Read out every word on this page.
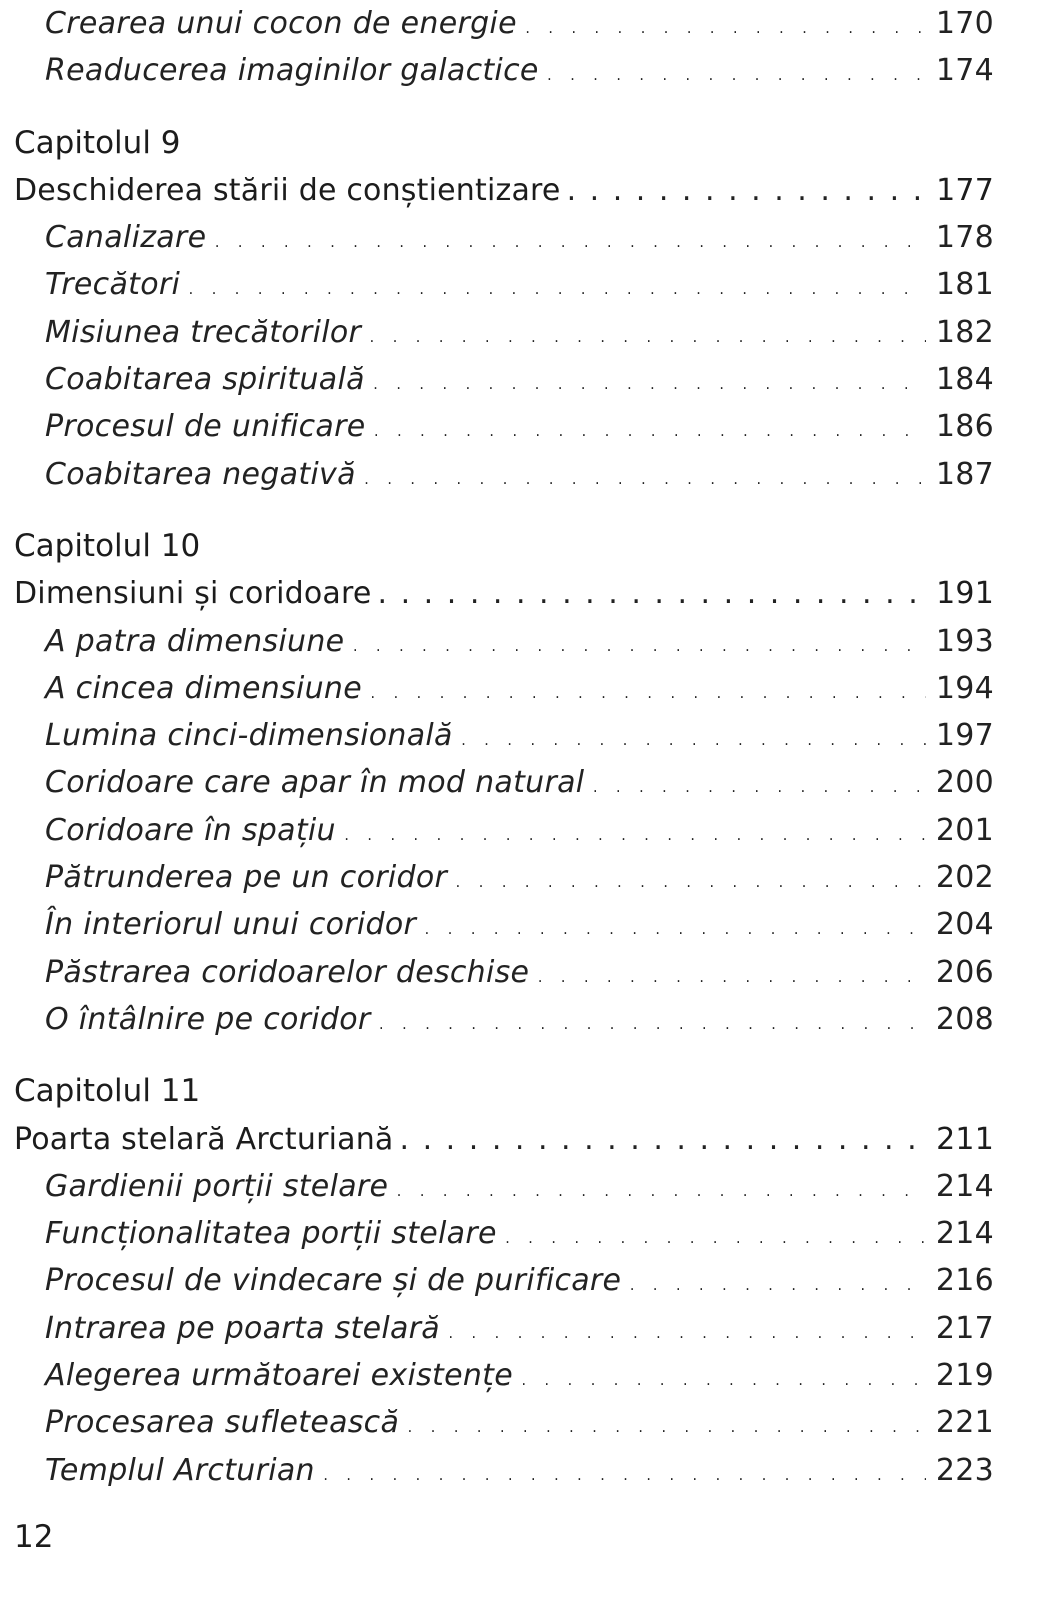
Crearea unui cocon de energie . . .	170
Readucerea imaginilor galactice . . .	174
Capitolul 9
Deschiderea stării de conștientizare . . .	177
Canalizare . . .	178
Trecători . . .	181
Misiunea trecătorilor . . .	182
Coabitarea spirituală . . .	184
Procesul de unificare . . .	186
Coabitarea negativă . . .	187
Capitolul 10
Dimensiuni și coridoare . . .	191
A patra dimensiune . . .	193
A cincea dimensiune . . .	194
Lumina cinci-dimensională . . .	197
Coridoare care apar în mod natural . . .	200
Coridoare în spațiu . . .	201
Pătrunderea pe un coridor . . .	202
În interiorul unui coridor . . .	204
Păstrarea coridoarelor deschise . . .	206
O întâlnire pe coridor . . .	208
Capitolul 11
Poarta stelară Arcturiană . . .	211
Gardienii porții stelare . . .	214
Funcționalitatea porții stelare . . .	214
Procesul de vindecare și de purificare . . .	216
Intrarea pe poarta stelară . . .	217
Alegerea următoarei existențe . . .	219
Procesarea sufletească . . .	221
Templul Arcturian . . .	223
12
